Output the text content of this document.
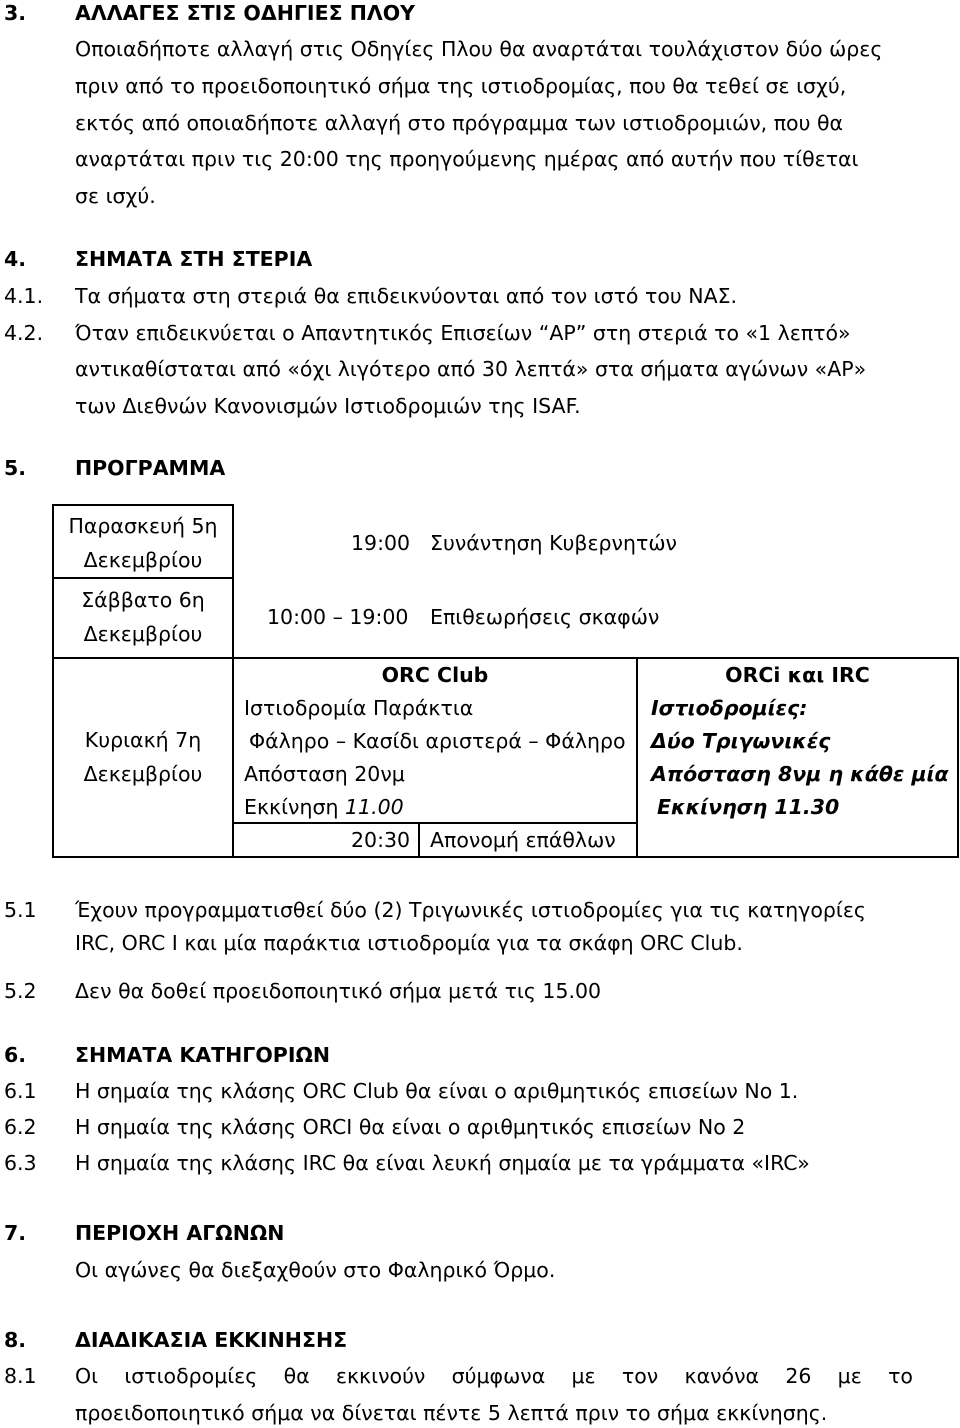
3. ΑΛΛΑΓΕΣ ΣΤΙΣ ΟΔΗΓΙΕΣ ΠΛΟΥ
Οποιαδήποτε αλλαγή στις Οδηγίες Πλου θα αναρτάται τουλάχιστον δύο ώρες
πριν από το προειδοποιητικό σήμα της ιστιοδρομίας, που θα τεθεί σε ισχύ,
εκτός από οποιαδήποτε αλλαγή στο πρόγραμμα των ιστιοδρομιών, που θα
αναρτάται πριν τις 20:00 της προηγούμενης ημέρας από αυτήν που τίθεται
σε ισχύ.
4. ΣΗΜΑΤΑ ΣΤΗ ΣΤΕΡΙΑ
4.1. Τα σήματα στη στεριά θα επιδεικνύονται από τον ιστό του ΝΑΣ.
4.2. Όταν επιδεικνύεται ο Απαντητικός Επισείων “ΑΡ” στη στεριά το «1 λεπτό»
αντικαθίσταται από «όχι λιγότερο από 30 λεπτά» στα σήματα αγώνων «ΑΡ»
των Διεθνών Κανονισμών Ιστιοδρομιών της ISAF.
5. ΠΡΟΓΡΑΜΜΑ
Παρασκευή 5η
Δεκεμβρίου
19:00 Συνάντηση Κυβερνητών
Σάββατο 6η
Δεκεμβρίου
10:00 – 19:00 Επιθεωρήσεις σκαφών
Κυριακή 7η
Δεκεμβρίου
ORC Club
Ιστιοδρομία Παράκτια
Φάληρο – Κασίδι αριστερά – Φάληρο
Απόσταση 20νμ
Εκκίνηση 11.00
ORCi και IRC
Ιστιοδρομίες:
Δύο Τριγωνικές
Απόσταση 8νμ η κάθε μία
Εκκίνηση 11.30
20:30 Απονομή επάθλων
5.1 Έχουν προγραμματισθεί δύο (2) Τριγωνικές ιστιοδρομίες για τις κατηγορίες
IRC, ORC I και μία παράκτια ιστιοδρομία για τα σκάφη ORC Club.
5.2 Δεν θα δοθεί προειδοποιητικό σήμα μετά τις 15.00
6. ΣΗΜΑΤΑ ΚΑΤΗΓΟΡΙΩΝ
6.1 Η σημαία της κλάσης ORC Club θα είναι ο αριθμητικός επισείων Νο 1.
6.2 Η σημαία της κλάσης ORCI θα είναι ο αριθμητικός επισείων Νο 2
6.3 Η σημαία της κλάσης IRC θα είναι λευκή σημαία με τα γράμματα «IRC»
7. ΠΕΡΙΟΧΗ ΑΓΩΝΩΝ
Οι αγώνες θα διεξαχθούν στο Φαληρικό Όρμο.
8. ΔΙΑΔΙΚΑΣΙΑ ΕΚΚΙΝΗΣΗΣ
8.1 Οι ιστιοδρομίες θα εκκινούν σύμφωνα με τον κανόνα 26 με το
προειδοποιητικό σήμα να δίνεται πέντε 5 λεπτά πριν το σήμα εκκίνησης.
